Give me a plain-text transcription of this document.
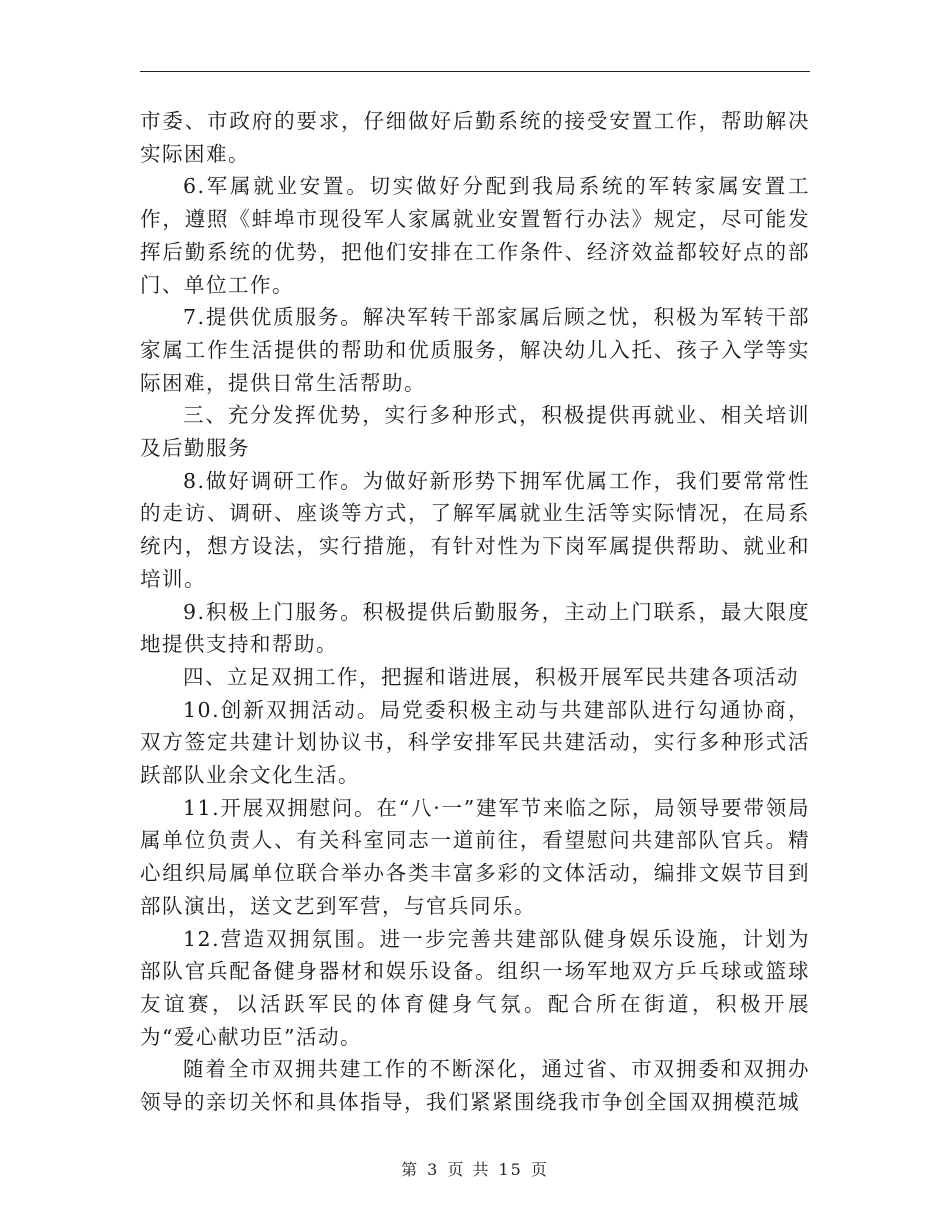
市委、市政府的要求，仔细做好后勤系统的接受安置工作，帮助解决实际困难。

6.军属就业安置。切实做好分配到我局系统的军转家属安置工作，遵照《蚌埠市现役军人家属就业安置暂行办法》规定，尽可能发挥后勤系统的优势，把他们安排在工作条件、经济效益都较好点的部门、单位工作。

7.提供优质服务。解决军转干部家属后顾之忧，积极为军转干部家属工作生活提供的帮助和优质服务，解决幼儿入托、孩子入学等实际困难，提供日常生活帮助。

三、充分发挥优势，实行多种形式，积极提供再就业、相关培训及后勤服务

8.做好调研工作。为做好新形势下拥军优属工作，我们要常常性的走访、调研、座谈等方式，了解军属就业生活等实际情况，在局系统内，想方设法，实行措施，有针对性为下岗军属提供帮助、就业和培训。

9.积极上门服务。积极提供后勤服务，主动上门联系，最大限度地提供支持和帮助。

四、立足双拥工作，把握和谐进展，积极开展军民共建各项活动

10.创新双拥活动。局党委积极主动与共建部队进行勾通协商，双方签定共建计划协议书，科学安排军民共建活动，实行多种形式活跃部队业余文化生活。

11.开展双拥慰问。在“八·一”建军节来临之际，局领导要带领局属单位负责人、有关科室同志一道前往，看望慰问共建部队官兵。精心组织局属单位联合举办各类丰富多彩的文体活动，编排文娱节目到部队演出，送文艺到军营，与官兵同乐。

12.营造双拥氛围。进一步完善共建部队健身娱乐设施，计划为部队官兵配备健身器材和娱乐设备。组织一场军地双方乒乓球或篮球友谊赛，以活跃军民的体育健身气氛。配合所在街道，积极开展为“爱心献功臣”活动。

随着全市双拥共建工作的不断深化，通过省、市双拥委和双拥办领导的亲切关怀和具体指导，我们紧紧围绕我市争创全国双拥模范城

第 3 页 共 15 页
